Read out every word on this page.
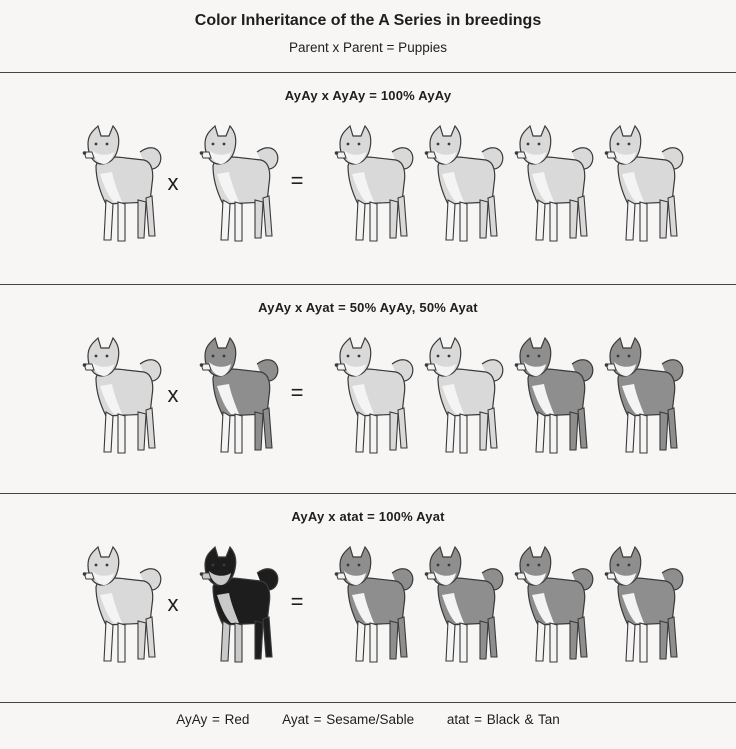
Color Inheritance of the A Series in breedings
Parent x Parent = Puppies
AyAy x AyAy = 100% AyAy
x	=
AyAy x Ayat = 50% AyAy, 50% Ayat
x	=
AyAy x atat = 100% Ayat
x	=
AyAy = Red Ayat = Sesame/Sable atat = Black & Tan
